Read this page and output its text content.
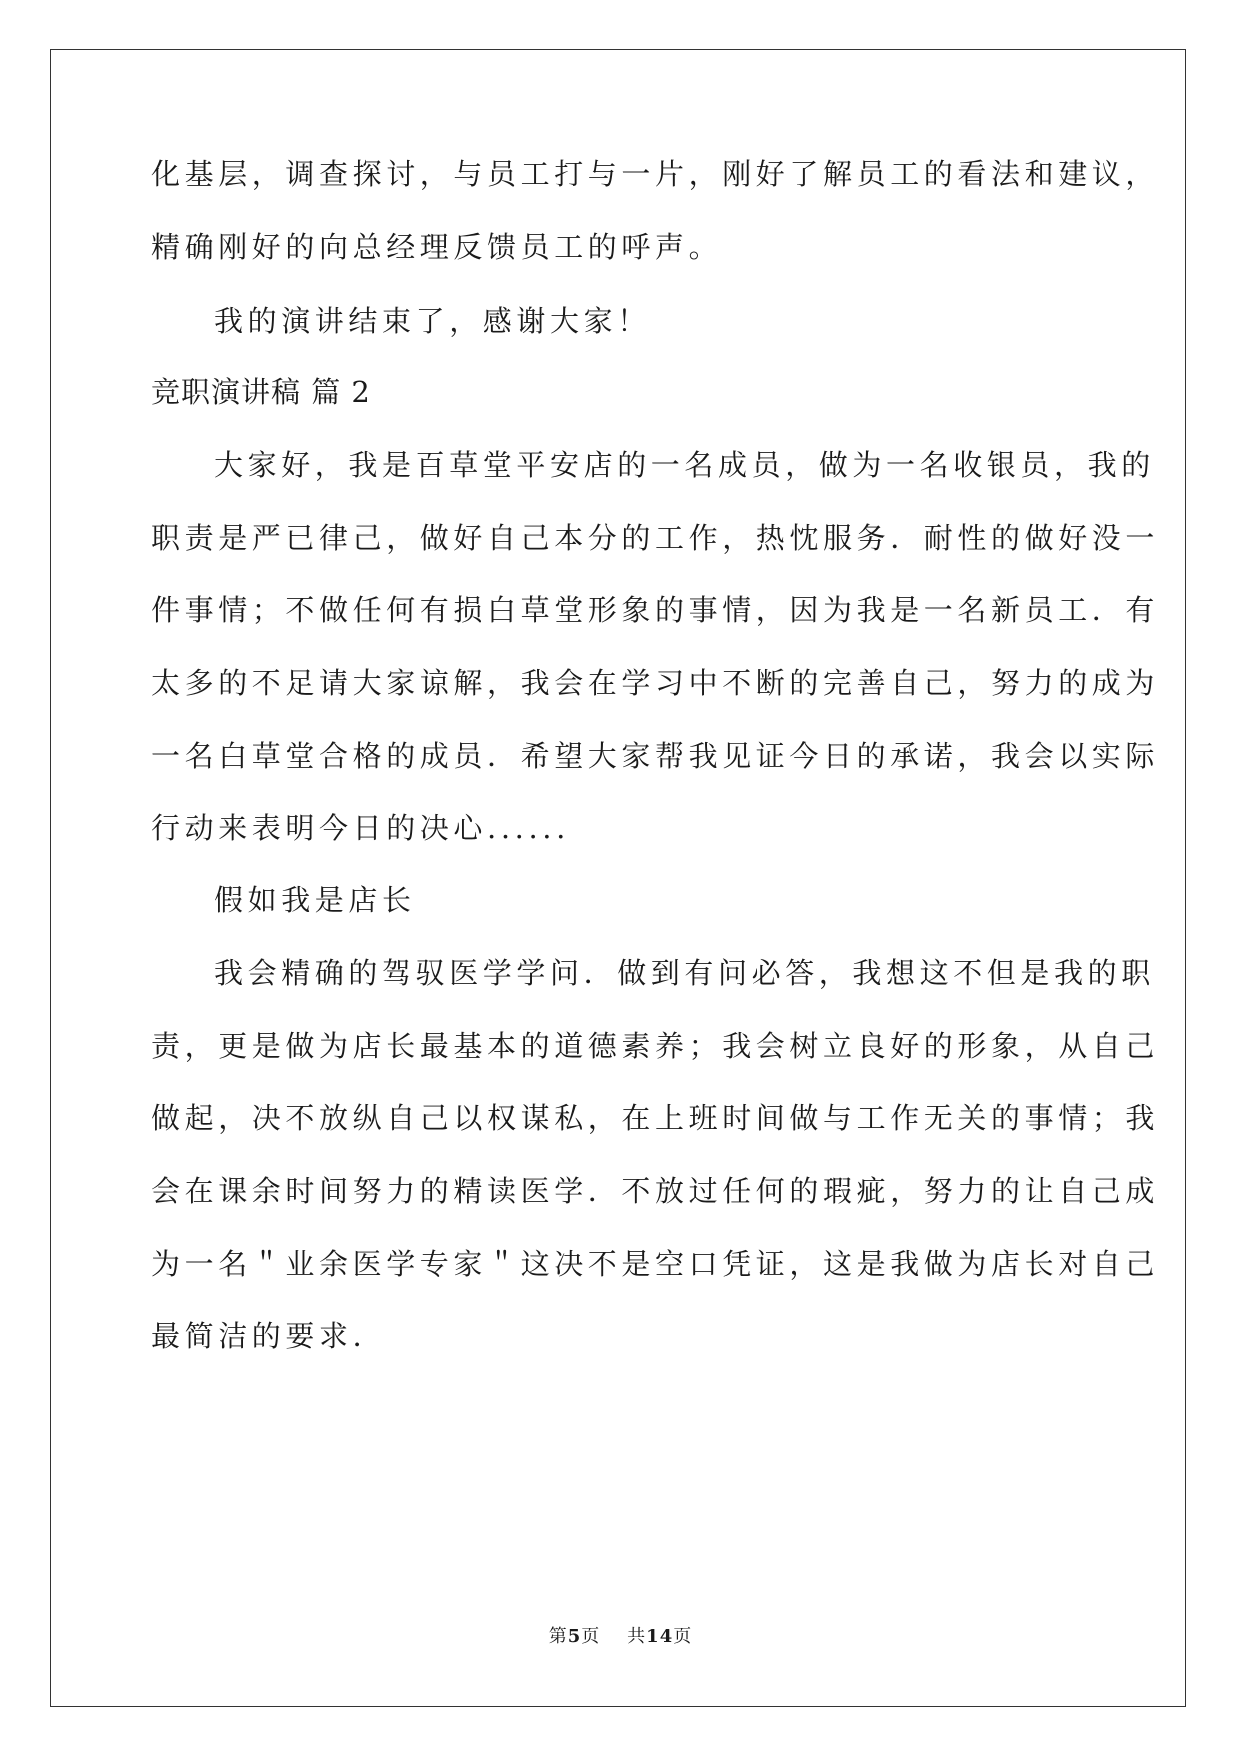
化基层，调查探讨，与员工打与一片，刚好了解员工的看法和建议，
精确刚好的向总经理反馈员工的呼声。
我的演讲结束了，感谢大家！
竞职演讲稿 篇 2
大家好，我是百草堂平安店的一名成员，做为一名收银员，我的
职责是严已律己，做好自己本分的工作，热忱服务．耐性的做好没一
件事情；不做任何有损白草堂形象的事情，因为我是一名新员工．有
太多的不足请大家谅解，我会在学习中不断的完善自己，努力的成为
一名白草堂合格的成员．希望大家帮我见证今日的承诺，我会以实际
行动来表明今日的决心......
假如我是店长
我会精确的驾驭医学学问．做到有问必答，我想这不但是我的职
责，更是做为店长最基本的道德素养；我会树立良好的形象，从自己
做起，决不放纵自己以权谋私，在上班时间做与工作无关的事情；我
会在课余时间努力的精读医学．不放过任何的瑕疵，努力的让自己成
为一名＂业余医学专家＂这决不是空口凭证，这是我做为店长对自己
最简洁的要求．
第5页 共14页
